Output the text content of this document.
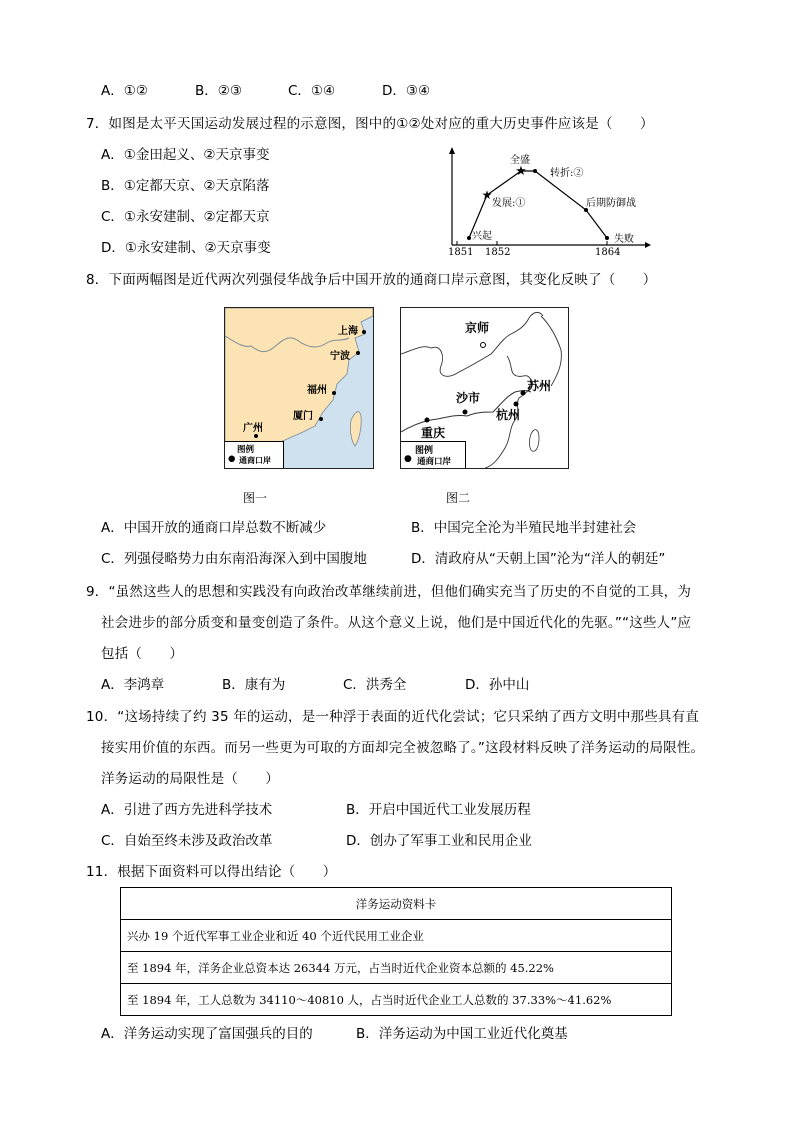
A．①②	B．②③	C．①④	D．③④
7．如图是太平天国运动发展过程的示意图，图中的①②处对应的重大历史事件应该是（　　）
A．①金田起义、②天京事变
B．①定都天京、②天京陷落
C．①永安建制、②定都天京
D．①永安建制、②天京事变
★
★
兴起
发展:①
全盛
转折:②
后期防御战
失败
1851 1852	1864
8．下面两幅图是近代两次列强侵华战争后中国开放的通商口岸示意图，其变化反映了（　　）
上海
宁波
福州
厦门
广州
图例
● 通商口岸
京师
苏州
沙市
杭州
重庆
图例
● 通商口岸
图一	图二
A．中国开放的通商口岸总数不断减少	B．中国完全沦为半殖民地半封建社会
C．列强侵略势力由东南沿海深入到中国腹地	D．清政府从“天朝上国”沦为“洋人的朝廷”
9．“虽然这些人的思想和实践没有向政治改革继续前进，但他们确实充当了历史的不自觉的工具，为
社会进步的部分质变和量变创造了条件。从这个意义上说，他们是中国近代化的先驱。”“这些人”应
包括（　　）
A．李鸿章	B．康有为	C．洪秀全	D．孙中山
10．“这场持续了约 35 年的运动，是一种浮于表面的近代化尝试；它只采纳了西方文明中那些具有直
接实用价值的东西。而另一些更为可取的方面却完全被忽略了。”这段材料反映了洋务运动的局限性。
洋务运动的局限性是（　　）
A．引进了西方先进科学技术	B．开启中国近代工业发展历程
C．自始至终未涉及政治改革	D．创办了军事工业和民用企业
11．根据下面资料可以得出结论（　　）
洋务运动资料卡
兴办 19 个近代军事工业企业和近 40 个近代民用工业企业
至 1894 年，洋务企业总资本达 26344 万元，占当时近代企业资本总额的 45.22%
至 1894 年，工人总数为 34110～40810 人，占当时近代企业工人总数的 37.33%～41.62%
A．洋务运动实现了富国强兵的目的	B．洋务运动为中国工业近代化奠基
